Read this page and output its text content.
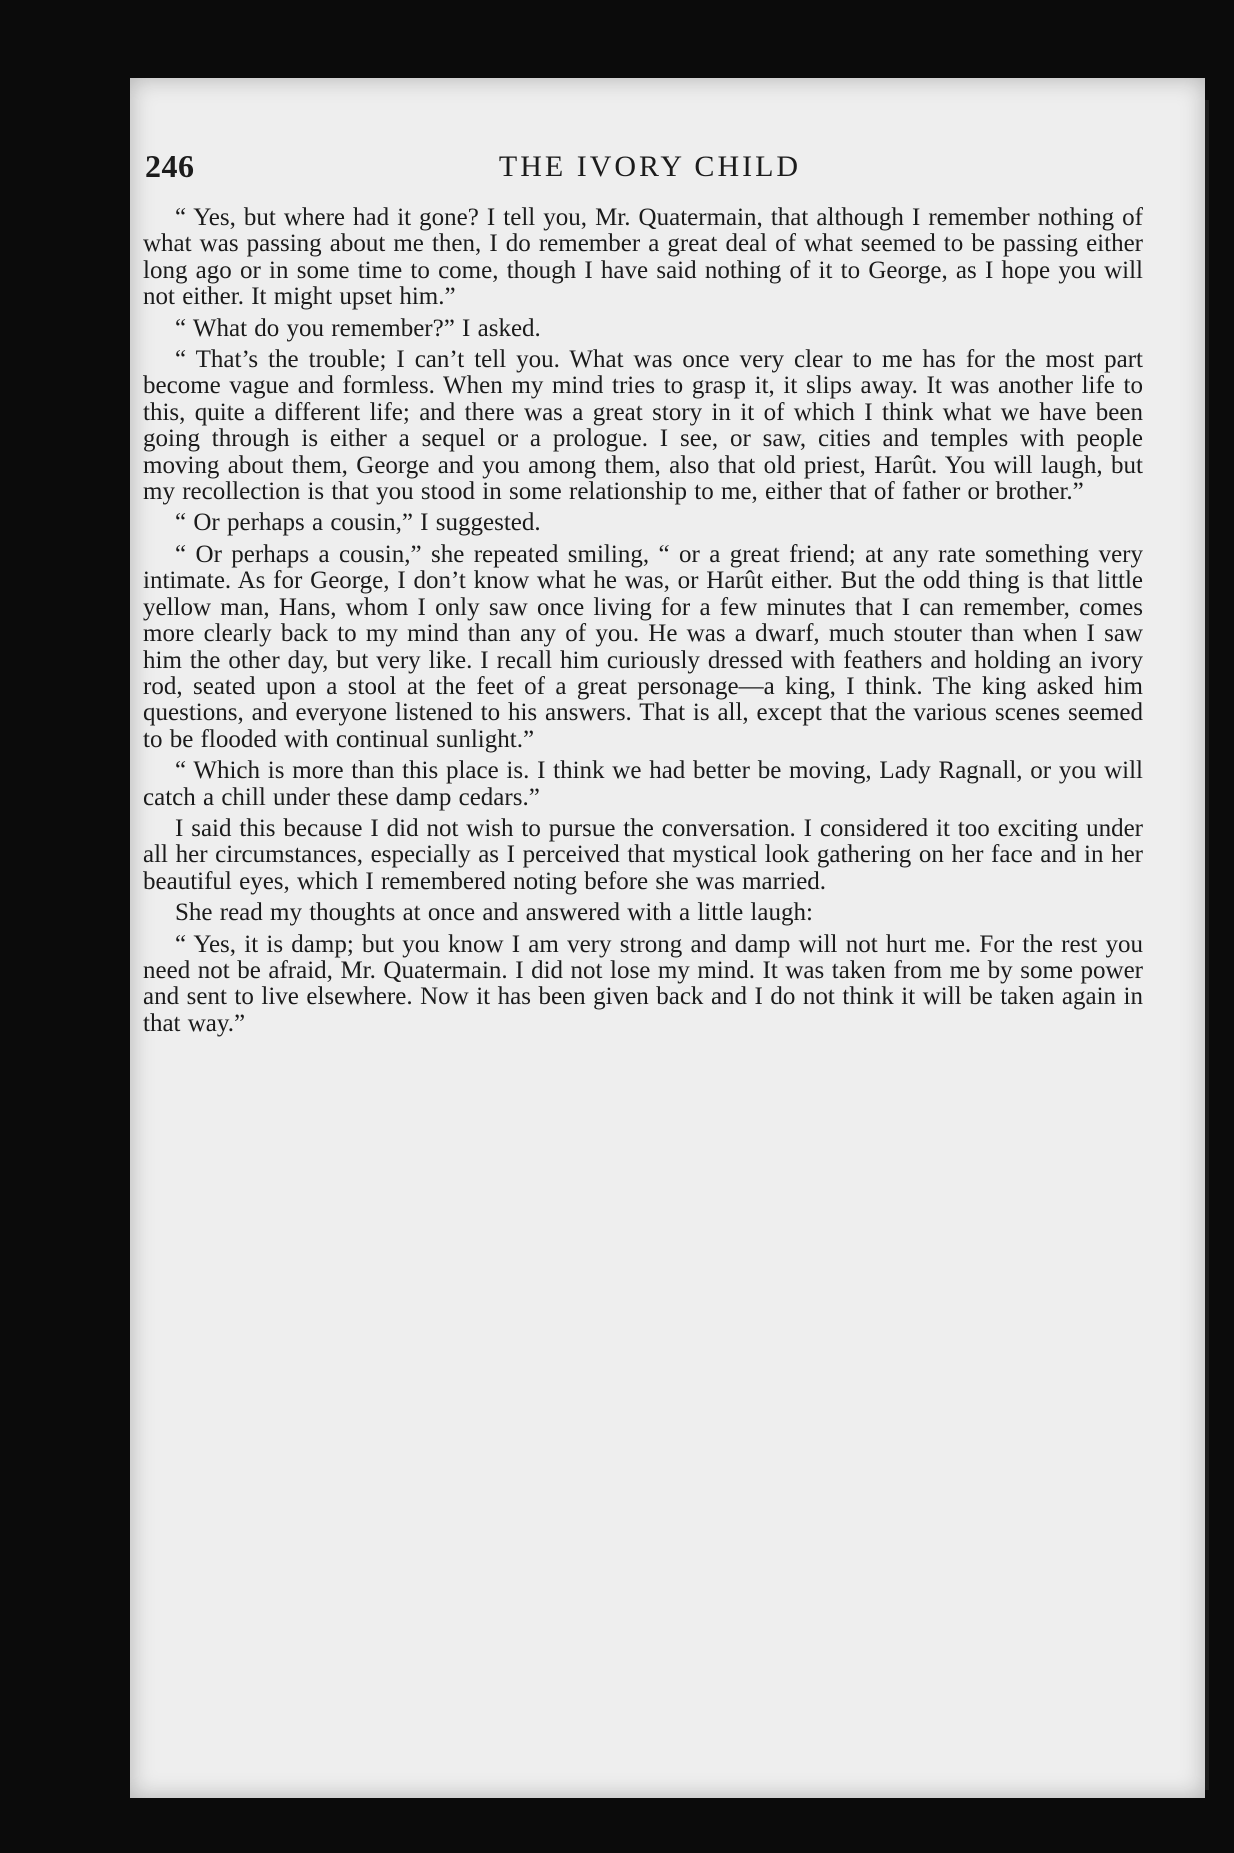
246	THE IVORY CHILD

“ Yes, but where had it gone? I tell you, Mr. Quatermain, that although I remember nothing of what was passing about me then, I do remember a great deal of what seemed to be passing either long ago or in some time to come, though I have said nothing of it to George, as I hope you will not either. It might upset him.”

“ What do you remember?” I asked.

“ That’s the trouble; I can’t tell you. What was once very clear to me has for the most part become vague and formless. When my mind tries to grasp it, it slips away. It was another life to this, quite a different life; and there was a great story in it of which I think what we have been going through is either a sequel or a prologue. I see, or saw, cities and temples with people moving about them, George and you among them, also that old priest, Harût. You will laugh, but my recollection is that you stood in some relationship to me, either that of father or brother.”

“ Or perhaps a cousin,” I suggested.

“ Or perhaps a cousin,” she repeated smiling, “ or a great friend; at any rate something very intimate. As for George, I don’t know what he was, or Harût either. But the odd thing is that little yellow man, Hans, whom I only saw once living for a few minutes that I can remember, comes more clearly back to my mind than any of you. He was a dwarf, much stouter than when I saw him the other day, but very like. I recall him curiously dressed with feathers and holding an ivory rod, seated upon a stool at the feet of a great personage—a king, I think. The king asked him questions, and everyone listened to his answers. That is all, except that the various scenes seemed to be flooded with continual sunlight.”

“ Which is more than this place is. I think we had better be moving, Lady Ragnall, or you will catch a chill under these damp cedars.”

I said this because I did not wish to pursue the conversation. I considered it too exciting under all her circumstances, especially as I perceived that mystical look gathering on her face and in her beautiful eyes, which I remembered noting before she was married.

She read my thoughts at once and answered with a little laugh:

“ Yes, it is damp; but you know I am very strong and damp will not hurt me. For the rest you need not be afraid, Mr. Quatermain. I did not lose my mind. It was taken from me by some power and sent to live elsewhere. Now it has been given back and I do not think it will be taken again in that way.”
